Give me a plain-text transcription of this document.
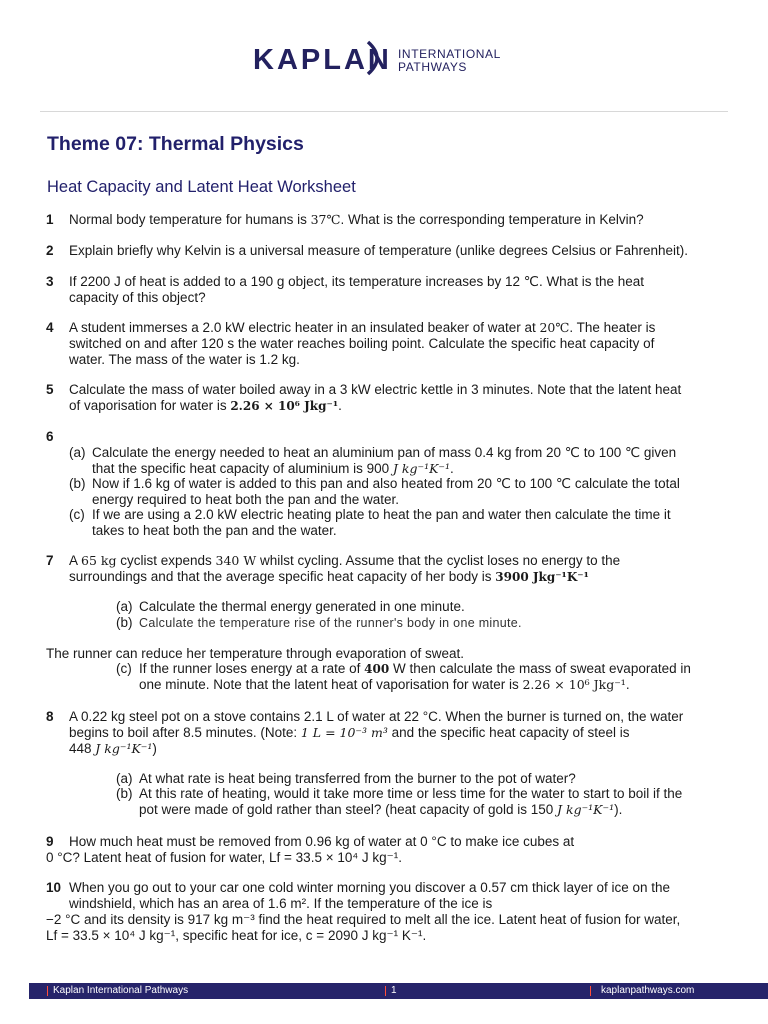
KAPLAN INTERNATIONAL
PATHWAYS
Theme 07: Thermal Physics
Heat Capacity and Latent Heat Worksheet
1	Normal body temperature for humans is 37℃. What is the corresponding temperature in Kelvin?
2	Explain briefly why Kelvin is a universal measure of temperature (unlike degrees Celsius or Fahrenheit).
3	If 2200 J of heat is added to a 190 g object, its temperature increases by 12 ℃. What is the heat
capacity of this object?
4	A student immerses a 2.0 kW electric heater in an insulated beaker of water at 20℃. The heater is
switched on and after 120 s the water reaches boiling point. Calculate the specific heat capacity of
water. The mass of the water is 1.2 kg.
5	Calculate the mass of water boiled away in a 3 kW electric kettle in 3 minutes. Note that the latent heat
of vaporisation for water is 2.26 × 10⁶ Jkg⁻¹.
6
(a) Calculate the energy needed to heat an aluminium pan of mass 0.4 kg from 20 ℃ to 100 ℃ given
that the specific heat capacity of aluminium is 900 J kg⁻¹K⁻¹.
(b) Now if 1.6 kg of water is added to this pan and also heated from 20 ℃ to 100 ℃ calculate the total
energy required to heat both the pan and the water.
(c) If we are using a 2.0 kW electric heating plate to heat the pan and water then calculate the time it
takes to heat both the pan and the water.
7	A 65 kg cyclist expends 340 W whilst cycling. Assume that the cyclist loses no energy to the
surroundings and that the average specific heat capacity of her body is 3900 Jkg⁻¹K⁻¹
(a) Calculate the thermal energy generated in one minute.
(b) Calculate the temperature rise of the runner's body in one minute.
The runner can reduce her temperature through evaporation of sweat.
(c) If the runner loses energy at a rate of 400 W then calculate the mass of sweat evaporated in
one minute. Note that the latent heat of vaporisation for water is 2.26 × 10⁶ Jkg⁻¹.
8	A 0.22 kg steel pot on a stove contains 2.1 L of water at 22 °C. When the burner is turned on, the water
begins to boil after 8.5 minutes. (Note: 1 L = 10⁻³ m³ and the specific heat capacity of steel is
448 J kg⁻¹K⁻¹)
(a) At what rate is heat being transferred from the burner to the pot of water?
(b) At this rate of heating, would it take more time or less time for the water to start to boil if the
pot were made of gold rather than steel? (heat capacity of gold is 150 J kg⁻¹K⁻¹).
9	How much heat must be removed from 0.96 kg of water at 0 °C to make ice cubes at
0 °C? Latent heat of fusion for water, Lf = 33.5 × 10⁴ J kg⁻¹.
10 When you go out to your car one cold winter morning you discover a 0.57 cm thick layer of ice on the
windshield, which has an area of 1.6 m². If the temperature of the ice is
−2 °C and its density is 917 kg m⁻³ find the heat required to melt all the ice. Latent heat of fusion for water,
Lf = 33.5 × 10⁴ J kg⁻¹, specific heat for ice, c = 2090 J kg⁻¹ K⁻¹.
Kaplan International Pathways	1	kaplanpathways.com
